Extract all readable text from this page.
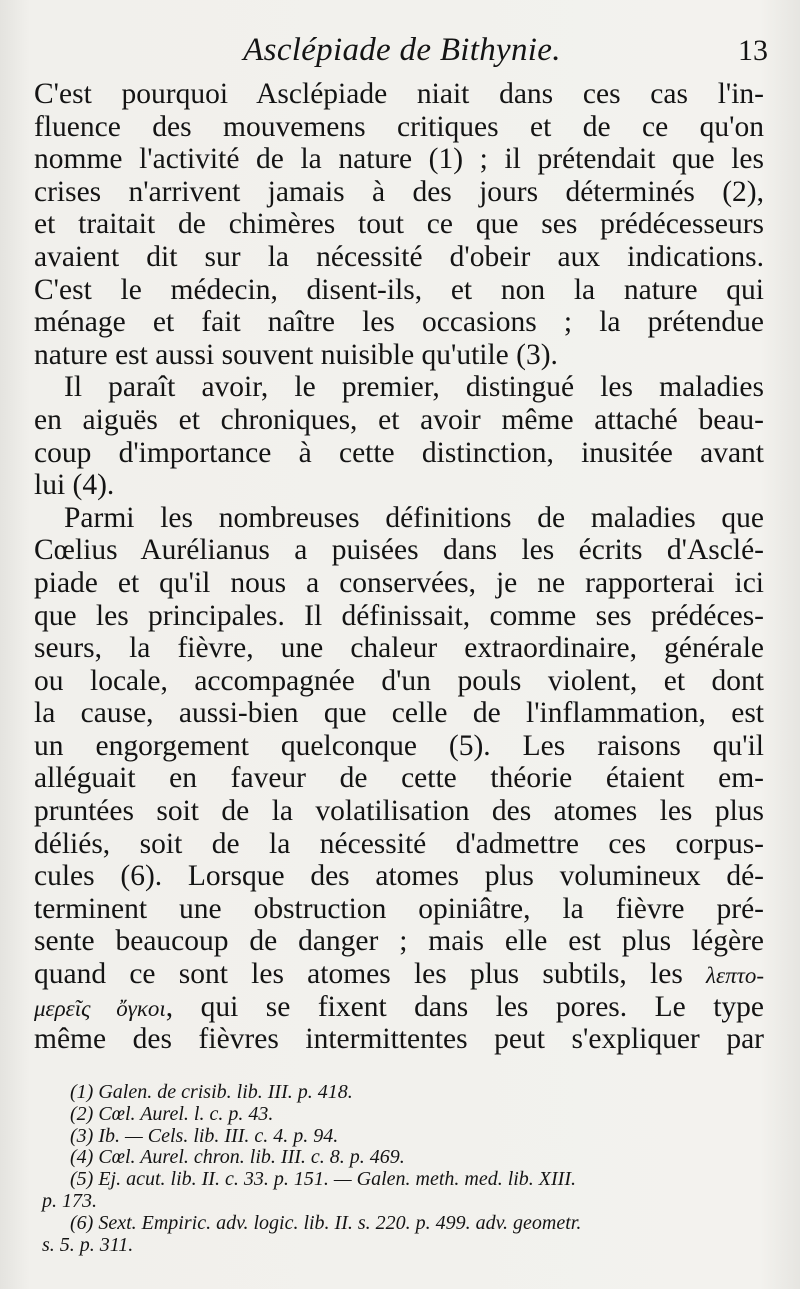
Asclépiade de Bithynie.	13
C'est pourquoi Asclépiade niait dans ces cas l'in-
fluence des mouvemens critiques et de ce qu'on
nomme l'activité de la nature (1) ; il prétendait que les
crises n'arrivent jamais à des jours déterminés (2),
et traitait de chimères tout ce que ses prédécesseurs
avaient dit sur la nécessité d'obeir aux indications.
C'est le médecin, disent-ils, et non la nature qui
ménage et fait naître les occasions ; la prétendue
nature est aussi souvent nuisible qu'utile (3).
Il paraît avoir, le premier, distingué les maladies
en aiguës et chroniques, et avoir même attaché beau-
coup d'importance à cette distinction, inusitée avant
lui (4).
Parmi les nombreuses définitions de maladies que
Cœlius Aurélianus a puisées dans les écrits d'Asclé-
piade et qu'il nous a conservées, je ne rapporterai ici
que les principales. Il définissait, comme ses prédéces-
seurs, la fièvre, une chaleur extraordinaire, générale
ou locale, accompagnée d'un pouls violent, et dont
la cause, aussi-bien que celle de l'inflammation, est
un engorgement quelconque (5). Les raisons qu'il
alléguait en faveur de cette théorie étaient em-
pruntées soit de la volatilisation des atomes les plus
déliés, soit de la nécessité d'admettre ces corpus-
cules (6). Lorsque des atomes plus volumineux dé-
terminent une obstruction opiniâtre, la fièvre pré-
sente beaucoup de danger ; mais elle est plus légère
quand ce sont les atomes les plus subtils, les λεπτο-
μερεῖς ὄγκοι, qui se fixent dans les pores. Le type
même des fièvres intermittentes peut s'expliquer par
(1) Galen. de crisib. lib. III. p. 418.
(2) Cœl. Aurel. l. c. p. 43.
(3) Ib. — Cels. lib. III. c. 4. p. 94.
(4) Cœl. Aurel. chron. lib. III. c. 8. p. 469.
(5) Ej. acut. lib. II. c. 33. p. 151. — Galen. meth. med. lib. XIII.
p. 173.
(6) Sext. Empiric. adv. logic. lib. II. s. 220. p. 499. adv. geometr.
s. 5. p. 311.
